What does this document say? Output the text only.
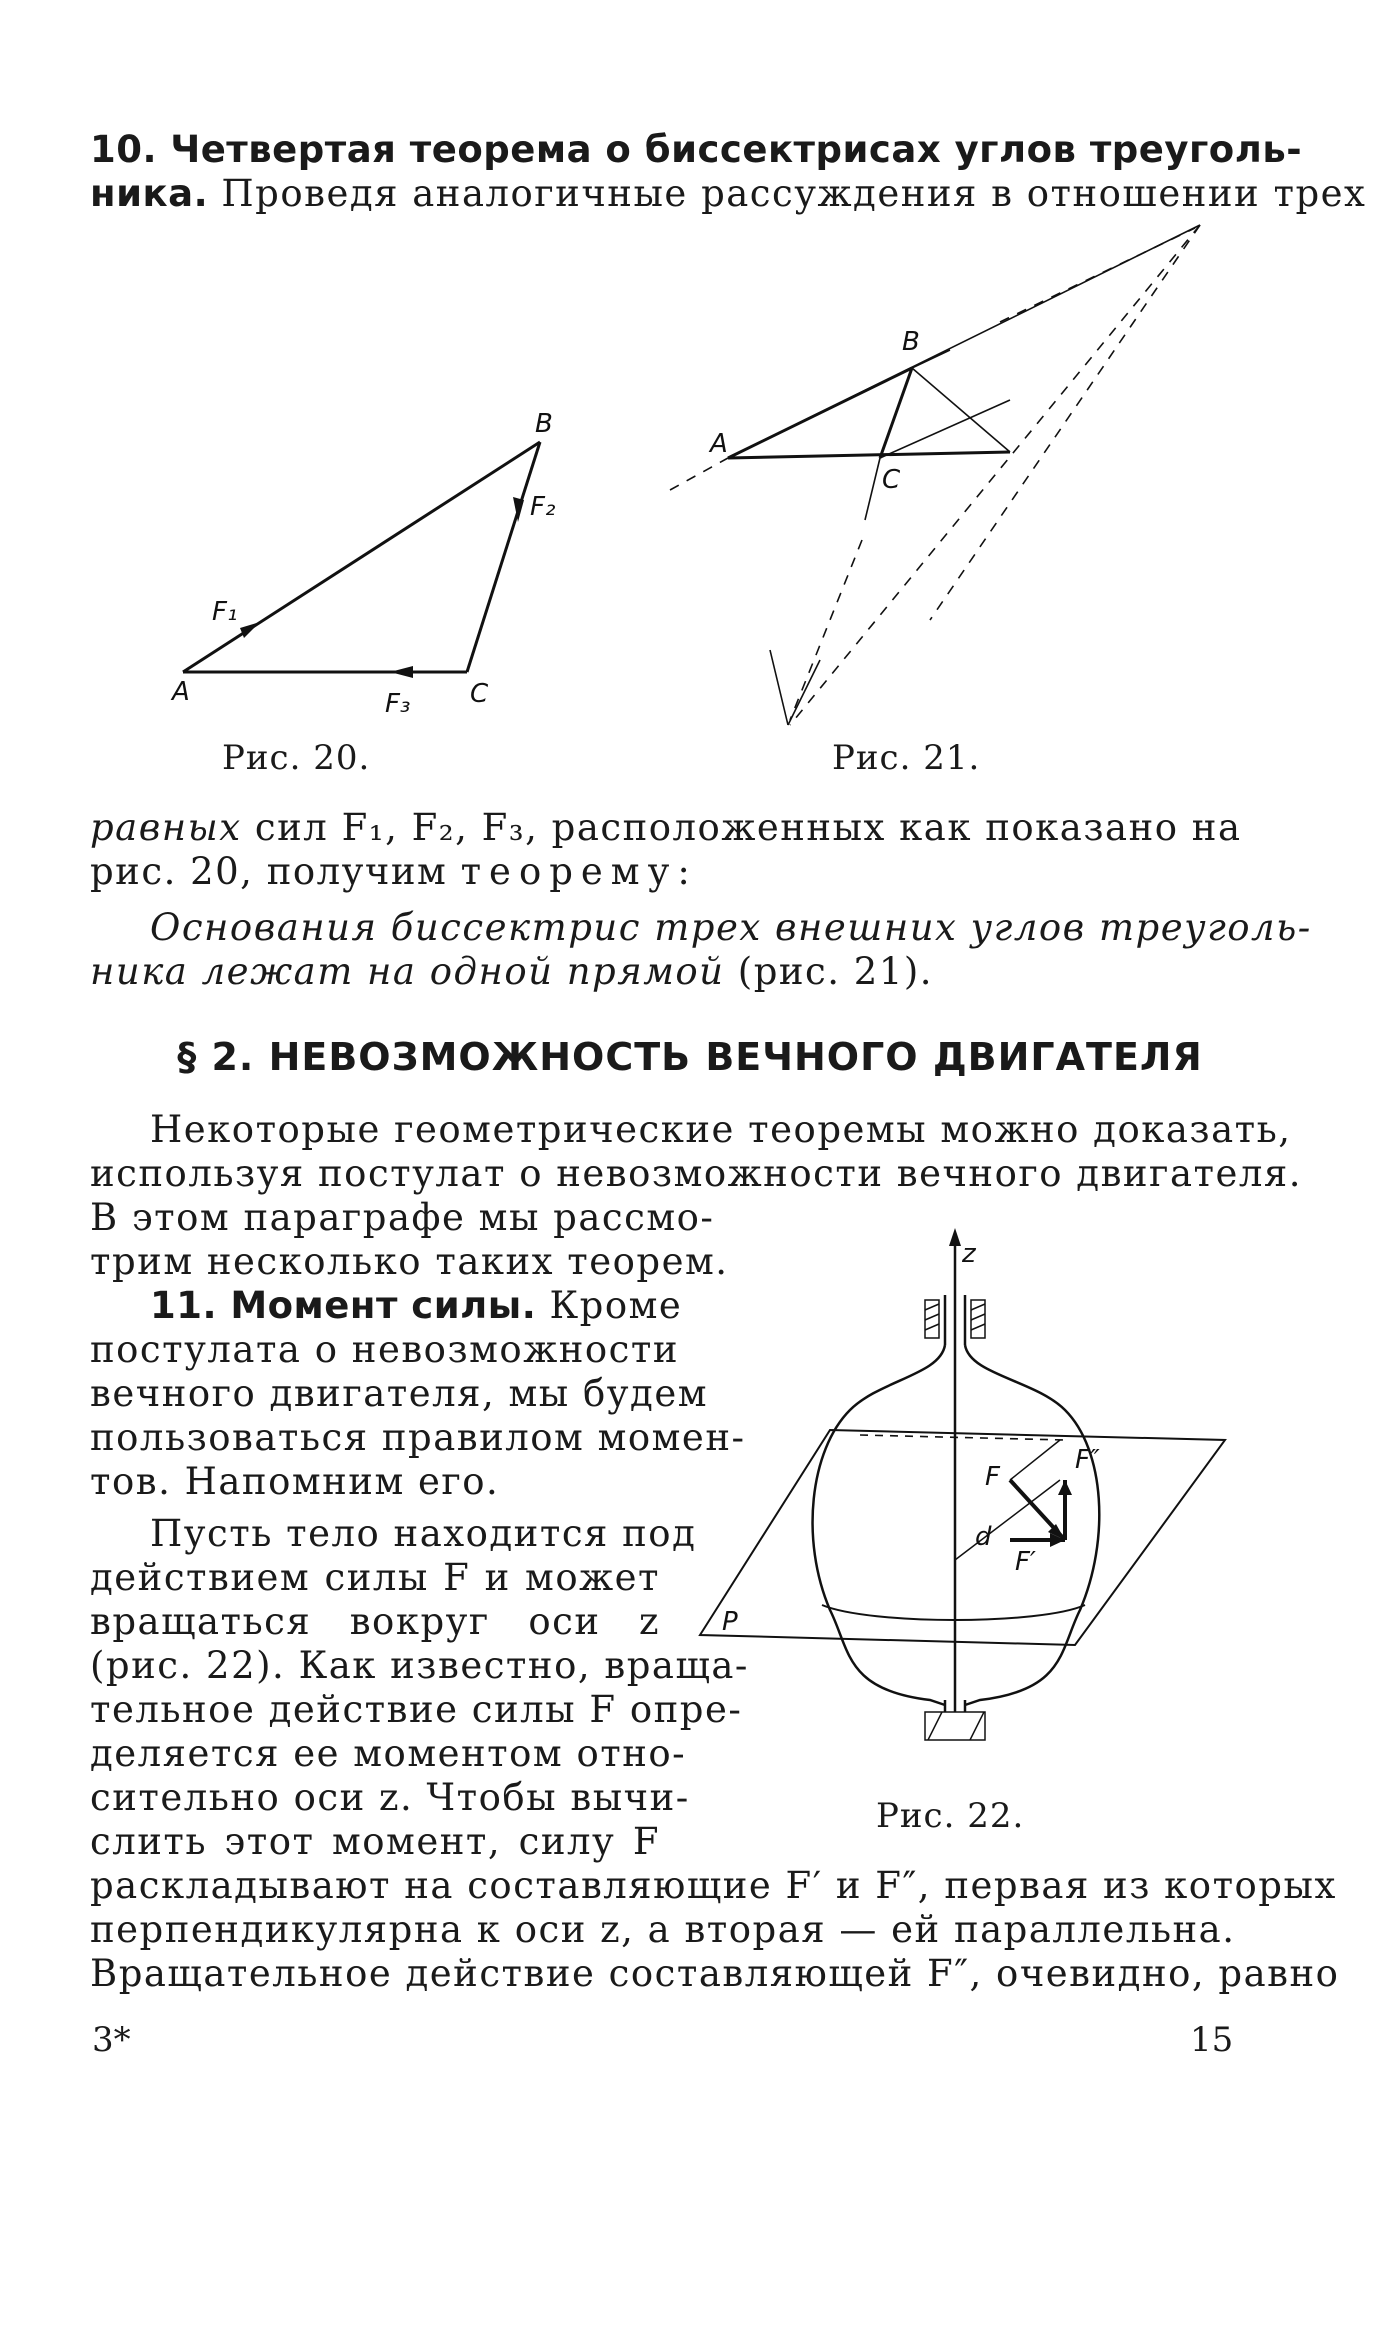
10. Четвертая теорема о биссектрисах углов треуголь-
ника. Проведя аналогичные рассуждения в отношении трех
A
B
C
F₁
F₂
F₃
Рис. 20.
A
B
C
Рис. 21.
равных сил F₁, F₂, F₃, расположенных как показано на
рис. 20, получим теорему:
Основания биссектрис трех внешних углов треуголь-
ника лежат на одной прямой (рис. 21).
§ 2. НЕВОЗМОЖНОСТЬ ВЕЧНОГО ДВИГАТЕЛЯ
Некоторые геометрические теоремы можно доказать,
используя постулат о невозможности вечного двигателя.
В этом параграфе мы рассмо-
трим несколько таких теорем.
11. Момент силы. Кроме
постулата о невозможности
вечного двигателя, мы будем
пользоваться правилом момен-
тов. Напомним его.
Пусть тело находится под
действием силы F и может
вращаться вокруг оси z
(рис. 22). Как известно, враща-
тельное действие силы F опре-
деляется ее моментом отно-
сительно оси z. Чтобы вычи-
слить этот момент, силу F
раскладывают на составляющие F′ и F″, первая из которых
перпендикулярна к оси z, а вторая — ей параллельна.
Вращательное действие составляющей F″, очевидно, равно
z
F
F′
F″
d
P
Рис. 22.
3*	15
